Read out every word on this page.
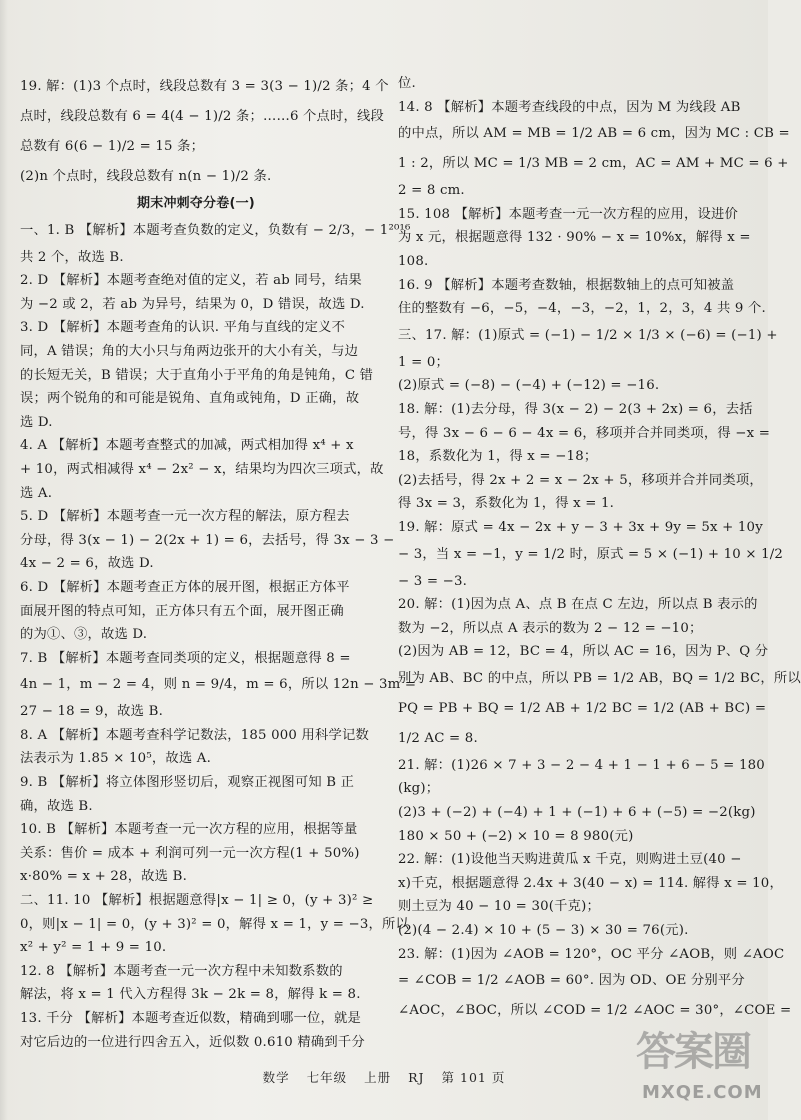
19. 解：(1)3 个点时，线段总数有 3 = 3(3 − 1)/2 条；4 个
点时，线段总数有 6 = 4(4 − 1)/2 条；……6 个点时，线段
总数有 6(6 − 1)/2 = 15 条；
(2)n 个点时，线段总数有 n(n − 1)/2 条.
期末冲刺夺分卷(一)
一、1. B 【解析】本题考查负数的定义，负数有 − 2/3，− 1²⁰¹⁶
共 2 个，故选 B.
2. D 【解析】本题考查绝对值的定义，若 ab 同号，结果
为 −2 或 2，若 ab 为异号，结果为 0，D 错误，故选 D.
3. D 【解析】本题考查角的认识. 平角与直线的定义不
同，A 错误；角的大小只与角两边张开的大小有关，与边
的长短无关，B 错误；大于直角小于平角的角是钝角，C 错
误；两个锐角的和可能是锐角、直角或钝角，D 正确，故
选 D.
4. A 【解析】本题考查整式的加减，两式相加得 x⁴ + x
+ 10，两式相减得 x⁴ − 2x² − x，结果均为四次三项式，故
选 A.
5. D 【解析】本题考查一元一次方程的解法，原方程去
分母，得 3(x − 1) − 2(2x + 1) = 6，去括号，得 3x − 3 −
4x − 2 = 6，故选 D.
6. D 【解析】本题考查正方体的展开图，根据正方体平
面展开图的特点可知，正方体只有五个面，展开图正确
的为①、③，故选 D.
7. B 【解析】本题考查同类项的定义，根据题意得 8 =
4n − 1，m − 2 = 4，则 n = 9/4，m = 6，所以 12n − 3m =
27 − 18 = 9，故选 B.
8. A 【解析】本题考查科学记数法，185 000 用科学记数
法表示为 1.85 × 10⁵，故选 A.
9. B 【解析】将立体图形竖切后，观察正视图可知 B 正
确，故选 B.
10. B 【解析】本题考查一元一次方程的应用，根据等量
关系：售价 = 成本 + 利润可列一元一次方程(1 + 50%)
x·80% = x + 28，故选 B.
二、11. 10 【解析】根据题意得|x − 1| ≥ 0，(y + 3)² ≥
0，则|x − 1| = 0，(y + 3)² = 0，解得 x = 1，y = −3，所以
x² + y² = 1 + 9 = 10.
12. 8 【解析】本题考查一元一次方程中未知数系数的
解法，将 x = 1 代入方程得 3k − 2k = 8，解得 k = 8.
13. 千分 【解析】本题考查近似数，精确到哪一位，就是
对它后边的一位进行四舍五入，近似数 0.610 精确到千分
位.
14. 8 【解析】本题考查线段的中点，因为 M 为线段 AB
的中点，所以 AM = MB = 1/2 AB = 6 cm，因为 MC : CB =
1 : 2，所以 MC = 1/3 MB = 2 cm，AC = AM + MC = 6 +
2 = 8 cm.
15. 108 【解析】本题考查一元一次方程的应用，设进价
为 x 元，根据题意得 132 · 90% − x = 10%x，解得 x =
108.
16. 9 【解析】本题考查数轴，根据数轴上的点可知被盖
住的整数有 −6，−5，−4，−3，−2，1，2，3，4 共 9 个.
三、17. 解：(1)原式 = (−1) − 1/2 × 1/3 × (−6) = (−1) +
1 = 0；
(2)原式 = (−8) − (−4) + (−12) = −16.
18. 解：(1)去分母，得 3(x − 2) − 2(3 + 2x) = 6，去括
号，得 3x − 6 − 6 − 4x = 6，移项并合并同类项，得 −x =
18，系数化为 1，得 x = −18；
(2)去括号，得 2x + 2 = x − 2x + 5，移项并合并同类项，
得 3x = 3，系数化为 1，得 x = 1.
19. 解：原式 = 4x − 2x + y − 3 + 3x + 9y = 5x + 10y
− 3，当 x = −1，y = 1/2 时，原式 = 5 × (−1) + 10 × 1/2
− 3 = −3.
20. 解：(1)因为点 A、点 B 在点 C 左边，所以点 B 表示的
数为 −2，所以点 A 表示的数为 2 − 12 = −10；
(2)因为 AB = 12，BC = 4，所以 AC = 16，因为 P、Q 分
别为 AB、BC 的中点，所以 PB = 1/2 AB，BQ = 1/2 BC，所以
PQ = PB + BQ = 1/2 AB + 1/2 BC = 1/2 (AB + BC) =
1/2 AC = 8.
21. 解：(1)26 × 7 + 3 − 2 − 4 + 1 − 1 + 6 − 5 = 180
(kg)；
(2)3 + (−2) + (−4) + 1 + (−1) + 6 + (−5) = −2(kg)
180 × 50 + (−2) × 10 = 8 980(元)
22. 解：(1)设他当天购进黄瓜 x 千克，则购进土豆(40 −
x)千克，根据题意得 2.4x + 3(40 − x) = 114. 解得 x = 10，
则土豆为 40 − 10 = 30(千克)；
(2)(4 − 2.4) × 10 + (5 − 3) × 30 = 76(元).
23. 解：(1)因为 ∠AOB = 120°，OC 平分 ∠AOB，则 ∠AOC
= ∠COB = 1/2 ∠AOB = 60°. 因为 OD、OE 分别平分
∠AOC，∠BOC，所以 ∠COD = 1/2 ∠AOC = 30°，∠COE =
数学 七年级 上册 RJ 第 101 页
答案圈
MXQE.COM
